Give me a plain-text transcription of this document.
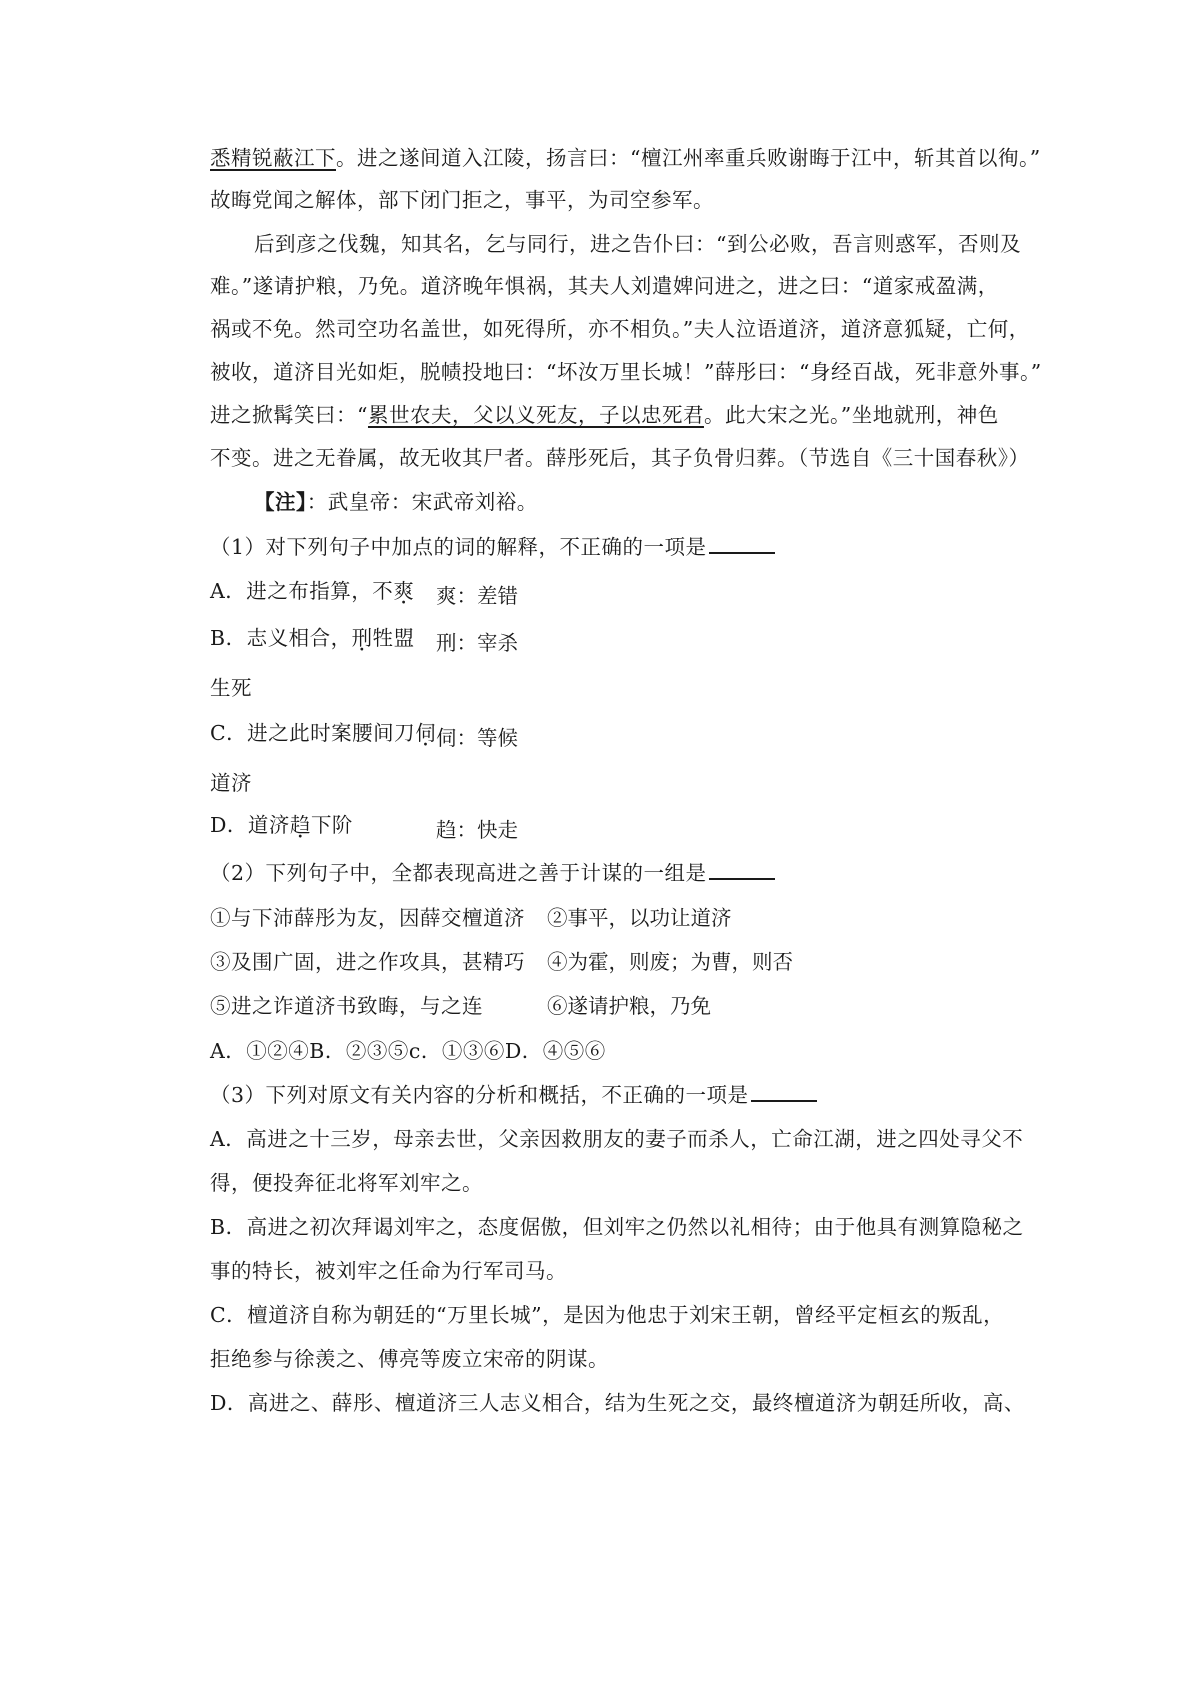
悉精锐蔽江下。进之遂间道入江陵，扬言曰：“檀江州率重兵败谢晦于江中，斩其首以徇。”
故晦党闻之解体，部下闭门拒之，事平，为司空参军。
后到彦之伐魏，知其名，乞与同行，进之告仆曰：“到公必败，吾言则惑军，否则及
难。”遂请护粮，乃免。道济晚年惧祸，其夫人刘遣婢问进之，进之曰：“道家戒盈满，
祸或不免。然司空功名盖世，如死得所，亦不相负。”夫人泣语道济，道济意狐疑，亡何，
被收，道济目光如炬，脱帻投地曰：“坏汝万里长城！”薛彤曰：“身经百战，死非意外事。”
进之掀髯笑曰：“累世农夫，父以义死友，子以忠死君。此大宋之光。”坐地就刑，神色
不变。进之无眷属，故无收其尸者。薛彤死后，其子负骨归葬。（节选自《三十国春秋》）
【注】：武皇帝：宋武帝刘裕。
（1）对下列句子中加点的词的解释，不正确的一项是
A．进之布指算，不爽 爽：差错
B．志义相合，刑牲盟 刑：宰杀
生死
C．进之此时案腰间刀伺 伺：等候
道济
D．道济趋下阶	趋：快走
（2）下列句子中，全都表现高进之善于计谋的一组是
①与下沛薛彤为友，因薛交檀道济 ②事平，以功让道济
③及围广固，进之作攻具，甚精巧 ④为霍，则废；为曹，则否
⑤进之诈道济书致晦，与之连	⑥遂请护粮，乃免
A．①②④B．②③⑤c．①③⑥D．④⑤⑥
（3）下列对原文有关内容的分析和概括，不正确的一项是
A．高进之十三岁，母亲去世，父亲因救朋友的妻子而杀人，亡命江湖，进之四处寻父不
得，便投奔征北将军刘牢之。
B．高进之初次拜谒刘牢之，态度倨傲，但刘牢之仍然以礼相待；由于他具有测算隐秘之
事的特长，被刘牢之任命为行军司马。
C．檀道济自称为朝廷的“万里长城”，是因为他忠于刘宋王朝，曾经平定桓玄的叛乱，
拒绝参与徐羡之、傅亮等废立宋帝的阴谋。
D．高进之、薛彤、檀道济三人志义相合，结为生死之交，最终檀道济为朝廷所收，高、
